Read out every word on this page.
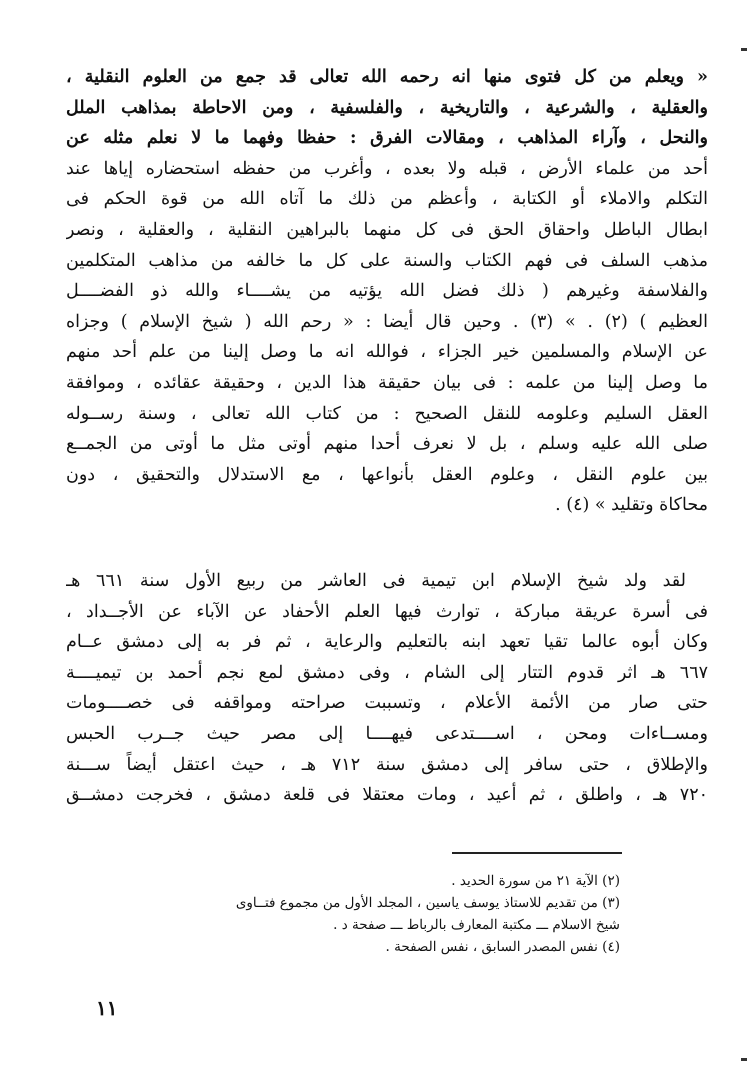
« ويعلم من كل فتوى منها انه رحمه الله تعالى قد جمع من العلوم النقلية ،
والعقلية ، والشرعية ، والتاريخية ، والفلسفية ، ومن الاحاطة بمذاهب الملل
والنحل ، وآراء المذاهب ، ومقالات الفرق : حفظا وفهما ما لا نعلم مثله عن
أحد من علماء الأرض ، قبله ولا بعده ، وأغرب من حفظه استحضاره إياها عند
التكلم والاملاء أو الكتابة ، وأعظم من ذلك ما آتاه الله من قوة الحكم فى
ابطال الباطل واحقاق الحق فى كل منهما بالبراهين النقلية ، والعقلية ، ونصر
مذهب السلف فى فهم الكتاب والسنة على كل ما خالفه من مذاهب المتكلمين
والفلاسفة وغيرهم ( ذلك فضل الله يؤتيه من يشــــاء والله ذو الفضــــل
العظيم ) (٢) . » (٣) . وحين قال أيضا : « رحم الله ( شيخ الإسلام ) وجزاه
عن الإسلام والمسلمين خير الجزاء ، فوالله انه ما وصل إلينا من علم أحد منهم
ما وصل إلينا من علمه : فى بيان حقيقة هذا الدين ، وحقيقة عقائده ، وموافقة
العقل السليم وعلومه للنقل الصحيح : من كتاب الله تعالى ، وسنة رســوله
صلى الله عليه وسلم ، بل لا نعرف أحدا منهم أوتى مثل ما أوتى من الجمــع
بين علوم النقل ، وعلوم العقل بأنواعها ، مع الاستدلال والتحقيق ، دون
محاكاة وتقليد » (٤) .
لقد ولد شيخ الإسلام ابن تيمية فى العاشر من ربيع الأول سنة ٦٦١ هـ
فى أسرة عريقة مباركة ، توارث فيها العلم الأحفاد عن الآباء عن الأجــداد ،
وكان أبوه عالما تقيا تعهد ابنه بالتعليم والرعاية ، ثم فر به إلى دمشق عــام
٦٦٧ هـ اثر قدوم التتار إلى الشام ، وفى دمشق لمع نجم أحمد بن تيميــــة
حتى صار من الأئمة الأعلام ، وتسببت صراحته ومواقفه فى خصــــومات
ومســاءات ومحن ، اســــتدعى فيهــــا إلى مصر حيث جــرب الحبس
والإطلاق ، حتى سافر إلى دمشق سنة ٧١٢ هـ ، حيث اعتقل أيضاً ســـنة
٧٢٠ هـ ، واطلق ، ثم أعيد ، ومات معتقلا فى قلعة دمشق ، فخرجت دمشــق
(٢) الآية ٢١ من سورة الحديد .
(٣) من تقديم للاستاذ يوسف ياسين ، المجلد الأول من مجموع فتــاوى
شيخ الاسلام ـــ مكتبة المعارف بالرباط ـــ صفحة د .
(٤) نفس المصدر السابق ، نفس الصفحة .
١١
